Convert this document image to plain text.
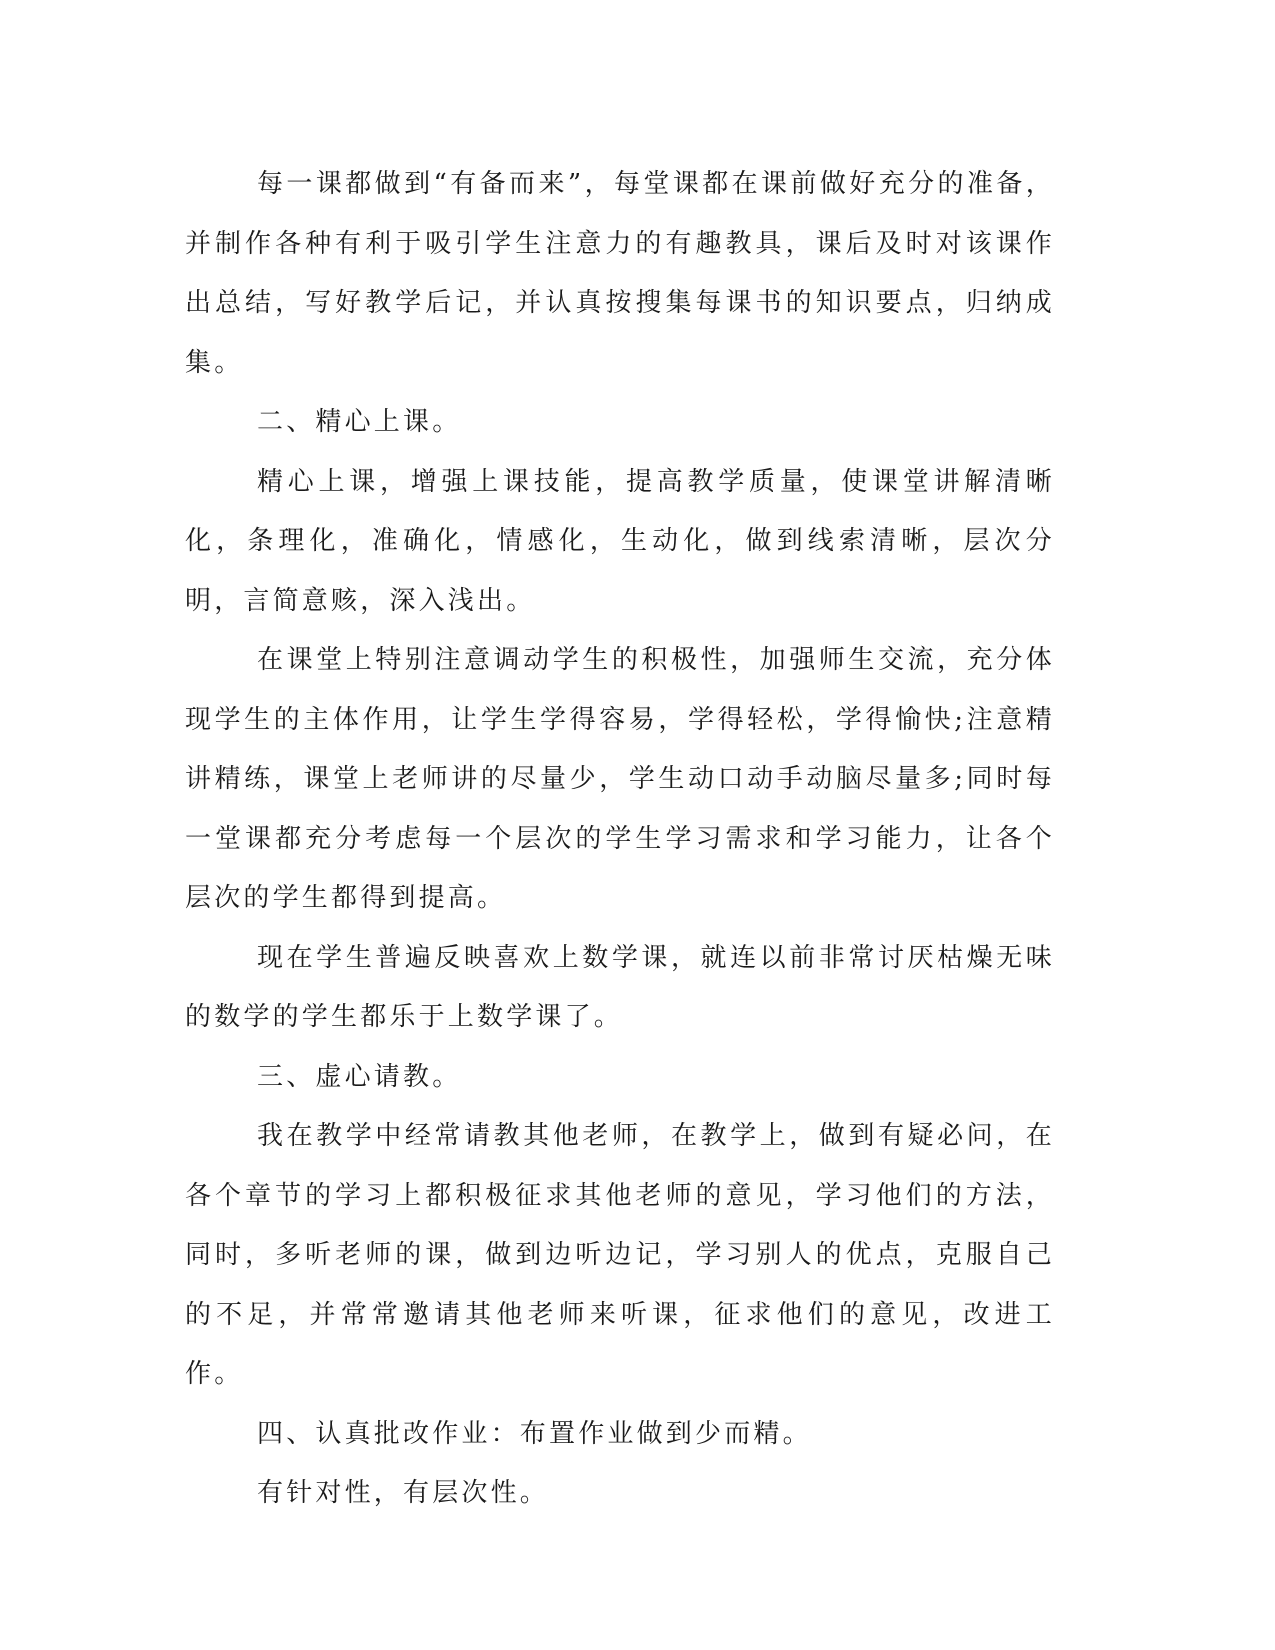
每一课都做到“有备而来”，每堂课都在课前做好充分的准备，并制作各种有利于吸引学生注意力的有趣教具，课后及时对该课作出总结，写好教学后记，并认真按搜集每课书的知识要点，归纳成集。

二、精心上课。

精心上课，增强上课技能，提高教学质量，使课堂讲解清晰化，条理化，准确化，情感化，生动化，做到线索清晰，层次分明，言简意赅，深入浅出。

在课堂上特别注意调动学生的积极性，加强师生交流，充分体现学生的主体作用，让学生学得容易，学得轻松，学得愉快;注意精讲精练，课堂上老师讲的尽量少，学生动口动手动脑尽量多;同时每一堂课都充分考虑每一个层次的学生学习需求和学习能力，让各个层次的学生都得到提高。

现在学生普遍反映喜欢上数学课，就连以前非常讨厌枯燥无味的数学的学生都乐于上数学课了。

三、虚心请教。

我在教学中经常请教其他老师，在教学上，做到有疑必问，在各个章节的学习上都积极征求其他老师的意见，学习他们的方法，同时，多听老师的课，做到边听边记，学习别人的优点，克服自己的不足，并常常邀请其他老师来听课，征求他们的意见，改进工作。

四、认真批改作业：布置作业做到少而精。

有针对性，有层次性。
